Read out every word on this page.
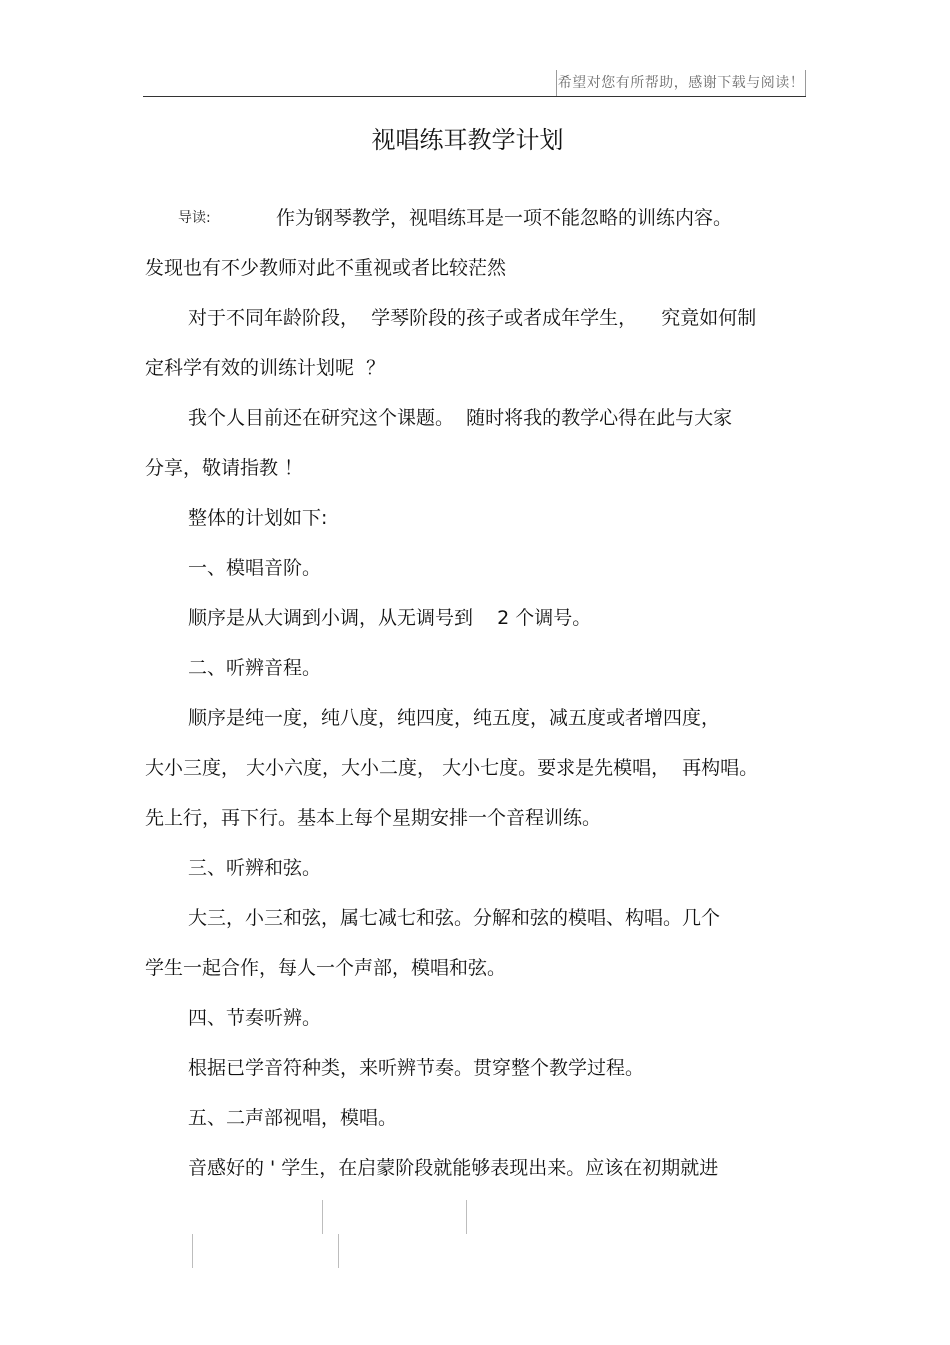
希望对您有所帮助，感谢下载与阅读！
视唱练耳教学计划
导读:	作为钢琴教学，视唱练耳是一项不能忽略的训练内容。
发现也有不少教师对此不重视或者比较茫然
对于不同年龄阶段，  学琴阶段的孩子或者成年学生，    究竟如何制
定科学有效的训练计划呢  ？
我个人目前还在研究这个课题。  随时将我的教学心得在此与大家
分享，敬请指教 ！
整体的计划如下:
一、模唱音阶。
顺序是从大调到小调，从无调号到    2 个调号。
二、听辨音程。
顺序是纯一度，纯八度，纯四度，纯五度，减五度或者增四度，
大小三度， 大小六度，大小二度， 大小七度。要求是先模唱，  再构唱。
先上行，再下行。基本上每个星期安排一个音程训练。
三、听辨和弦。
大三，小三和弦，属七减七和弦。分解和弦的模唱、构唱。几个
学生一起合作，每人一个声部，模唱和弦。
四、节奏听辨。
根据已学音符种类，来听辨节奏。贯穿整个教学过程。
五、二声部视唱，模唱。
音感好的 ' 学生，在启蒙阶段就能够表现出来。应该在初期就进
